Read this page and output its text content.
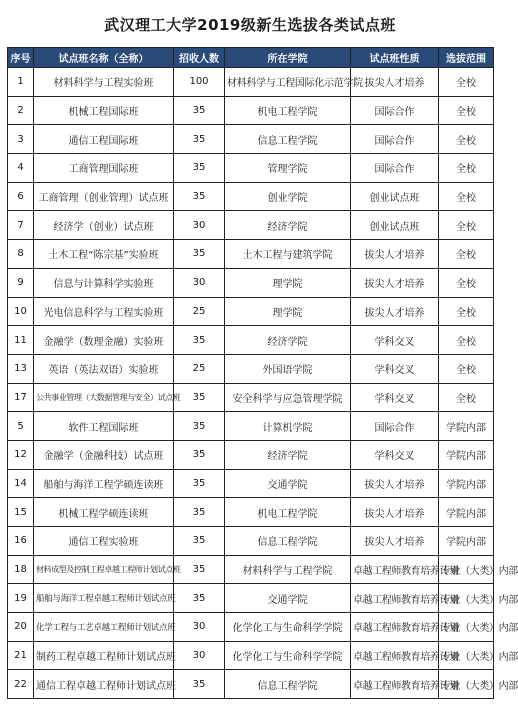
武汉理工大学2019级新生选拔各类试点班
序号	试点班名称（全称）	招收人数	所在学院	试点班性质	选拔范围
1	材料科学与工程实验班	100	材料科学与工程国际化示范学院	拔尖人才培养	全校
2	机械工程国际班	35	机电工程学院	国际合作	全校
3	通信工程国际班	35	信息工程学院	国际合作	全校
4	工商管理国际班	35	管理学院	国际合作	全校
6	工商管理（创业管理）试点班	35	创业学院	创业试点班	全校
7	经济学（创业）试点班	30	经济学院	创业试点班	全校
8	土木工程“陈宗基”实验班	35	土木工程与建筑学院	拔尖人才培养	全校
9	信息与计算科学实验班	30	理学院	拔尖人才培养	全校
10	光电信息科学与工程实验班	25	理学院	拔尖人才培养	全校
11	金融学（数理金融）实验班	35	经济学院	学科交叉	全校
13	英语（英法双语）实验班	25	外国语学院	学科交叉	全校
17	公共事业管理（大数据管理与安全）试点班	35	安全科学与应急管理学院	学科交叉	全校
5	软件工程国际班	35	计算机学院	国际合作	学院内部
12	金融学（金融科技）试点班	35	经济学院	学科交叉	学院内部
14	船舶与海洋工程学硕连读班	35	交通学院	拔尖人才培养	学院内部
15	机械工程学硕连读班	35	机电工程学院	拔尖人才培养	学院内部
16	通信工程实验班	35	信息工程学院	拔尖人才培养	学院内部
18	材料成型及控制工程卓越工程师计划试点班	35	材料科学与工程学院	卓越工程师教育培养计划	专业（大类）内部
19	船舶与海洋工程卓越工程师计划试点班	35	交通学院	卓越工程师教育培养计划	专业（大类）内部
20	化学工程与工艺卓越工程师计划试点班	30	化学化工与生命科学学院	卓越工程师教育培养计划	专业（大类）内部
21	制药工程卓越工程师计划试点班	30	化学化工与生命科学学院	卓越工程师教育培养计划	专业（大类）内部
22	通信工程卓越工程师计划试点班	35	信息工程学院	卓越工程师教育培养计划	专业（大类）内部
